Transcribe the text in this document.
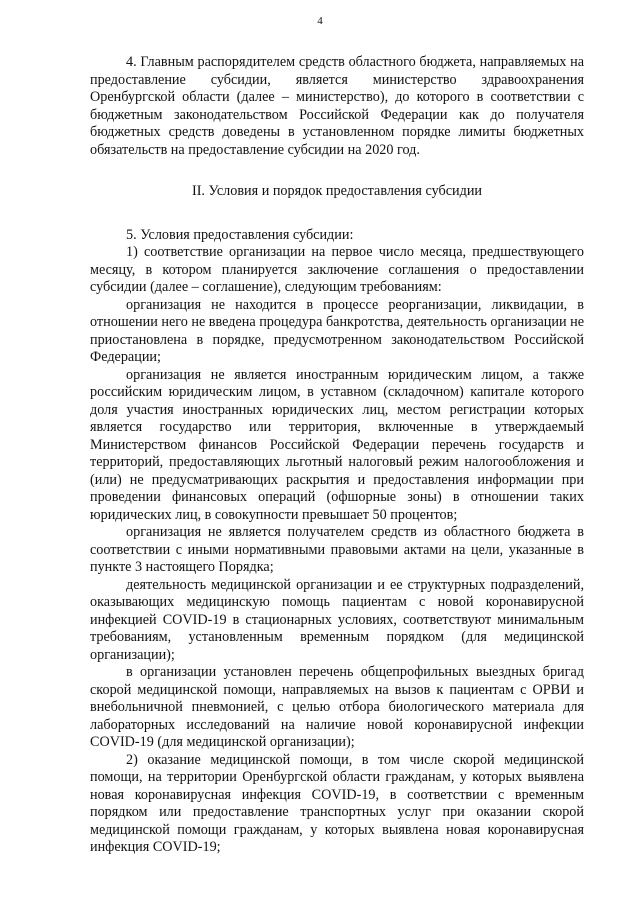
4

4. Главным распорядителем средств областного бюджета, направляемых на предоставление субсидии, является министерство здравоохранения Оренбургской области (далее – министерство), до которого в соответствии с бюджетным законодательством Российской Федерации как до получателя бюджетных средств доведены в установленном порядке лимиты бюджетных обязательств на предоставление субсидии на 2020 год.

II. Условия и порядок предоставления субсидии

5. Условия предоставления субсидии:

1) соответствие организации на первое число месяца, предшествующего месяцу, в котором планируется заключение соглашения о предоставлении субсидии (далее – соглашение), следующим требованиям:

организация не находится в процессе реорганизации, ликвидации, в отношении него не введена процедура банкротства, деятельность организации не приостановлена в порядке, предусмотренном законодательством Российской Федерации;

организация не является иностранным юридическим лицом, а также российским юридическим лицом, в уставном (складочном) капитале которого доля участия иностранных юридических лиц, местом регистрации которых является государство или территория, включенные в утверждаемый Министерством финансов Российской Федерации перечень государств и территорий, предоставляющих льготный налоговый режим налогообложения и (или) не предусматривающих раскрытия и предоставления информации при проведении финансовых операций (офшорные зоны) в отношении таких юридических лиц, в совокупности превышает 50 процентов;

организация не является получателем средств из областного бюджета в соответствии с иными нормативными правовыми актами на цели, указанные в пункте 3 настоящего Порядка;

деятельность медицинской организации и ее структурных подразделений, оказывающих медицинскую помощь пациентам с новой коронавирусной инфекцией COVID-19 в стационарных условиях, соответствуют минимальным требованиям, установленным временным порядком (для медицинской организации);

в организации установлен перечень общепрофильных выездных бригад скорой медицинской помощи, направляемых на вызов к пациентам с ОРВИ и внебольничной пневмонией, с целью отбора биологического материала для лабораторных исследований на наличие новой коронавирусной инфекции COVID-19 (для медицинской организации);

2) оказание медицинской помощи, в том числе скорой медицинской помощи, на территории Оренбургской области гражданам, у которых выявлена новая коронавирусная инфекция COVID-19, в соответствии с временным порядком или предоставление транспортных услуг при оказании скорой медицинской помощи гражданам, у которых выявлена новая коронавирусная инфекция COVID-19;
